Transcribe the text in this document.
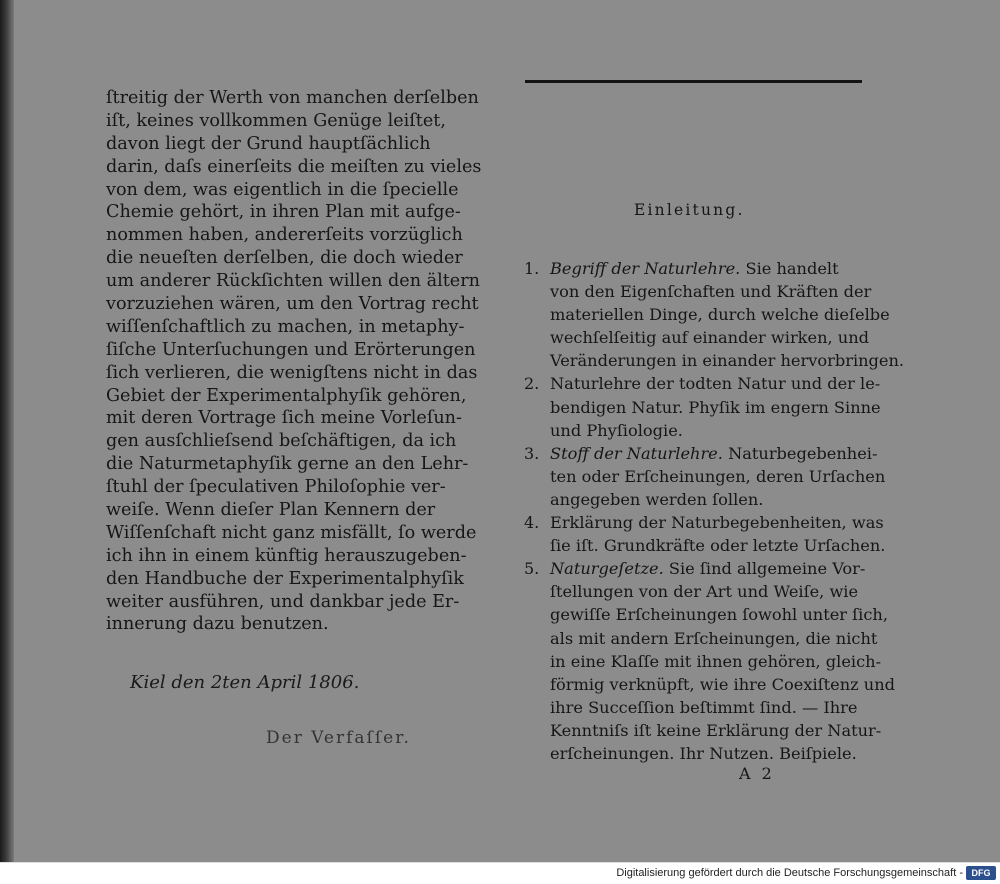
ſtreitig der Werth von manchen derſelben
iſt, keines vollkommen Genüge leiſtet,
davon liegt der Grund hauptſächlich
darin, daſs einerſeits die meiſten zu vieles
von dem, was eigentlich in die ſpecielle
Chemie gehört, in ihren Plan mit aufge-
nommen haben, andererſeits vorzüglich
die neueſten derſelben, die doch wieder
um anderer Rückſichten willen den ältern
vorzuziehen wären, um den Vortrag recht
wiſſenſchaftlich zu machen, in metaphy-
ſiſche Unterſuchungen und Erörterungen
ſich verlieren, die wenigſtens nicht in das
Gebiet der Experimentalphyſik gehören,
mit deren Vortrage ſich meine Vorleſun-
gen ausſchlieſsend beſchäftigen, da ich
die Naturmetaphyſik gerne an den Lehr-
ſtuhl der ſpeculativen Philoſophie ver-
weiſe. Wenn dieſer Plan Kennern der
Wiſſenſchaft nicht ganz misfällt, ſo werde
ich ihn in einem künftig herauszugeben-
den Handbuche der Experimentalphyſik
weiter ausführen, und dankbar jede Er-
innerung dazu benutzen.
Kiel den 2ten April 1806.
Der Verfaſſer.
Einleitung.
1. Begriff der Naturlehre. Sie handelt
von den Eigenſchaften und Kräften der
materiellen Dinge, durch welche dieſelbe
wechſelſeitig auf einander wirken, und
Veränderungen in einander hervorbringen.
2. Naturlehre der todten Natur und der le-
bendigen Natur. Phyſik im engern Sinne
und Phyſiologie.
3. Stoff der Naturlehre. Naturbegebenhei-
ten oder Erſcheinungen, deren Urſachen
angegeben werden ſollen.
4. Erklärung der Naturbegebenheiten, was
ſie iſt. Grundkräfte oder letzte Urſachen.
5. Naturgeſetze. Sie ſind allgemeine Vor-
ſtellungen von der Art und Weiſe, wie
gewiſſe Erſcheinungen ſowohl unter ſich,
als mit andern Erſcheinungen, die nicht
in eine Klaſſe mit ihnen gehören, gleich-
förmig verknüpft, wie ihre Coexiſtenz und
ihre Succeſſion beſtimmt ſind. — Ihre
Kenntniſs iſt keine Erklärung der Natur-
erſcheinungen. Ihr Nutzen. Beiſpiele.
A 2
Digitalisierung gefördert durch die Deutsche Forschungsgemeinschaft - DFG
